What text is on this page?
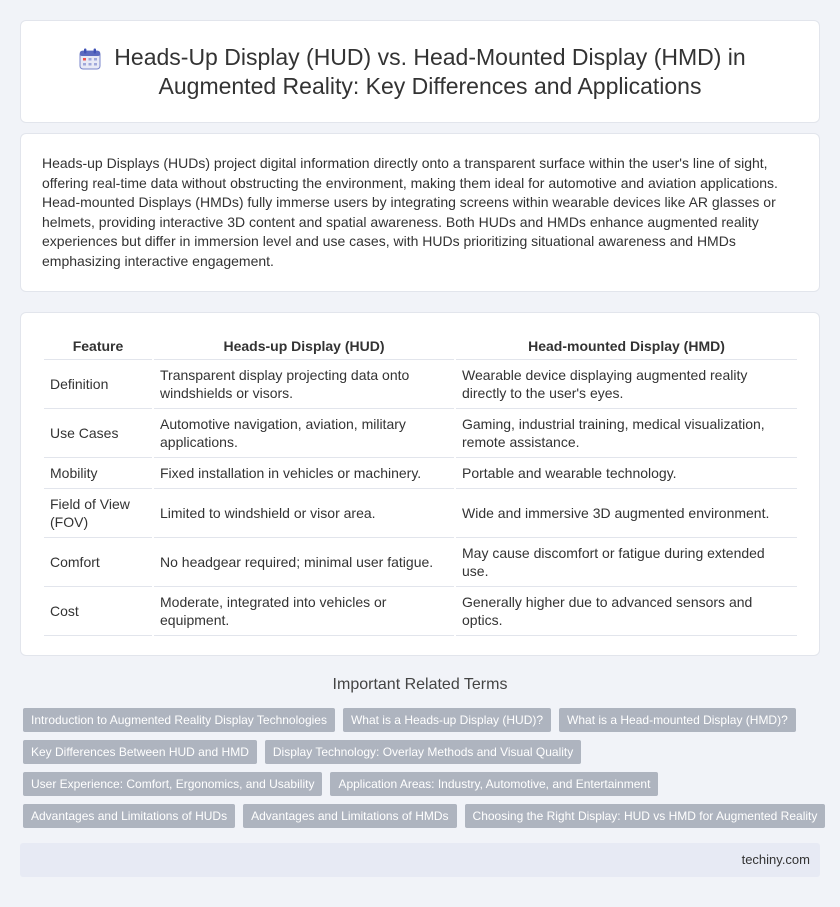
Heads-Up Display (HUD) vs. Head-Mounted Display (HMD) in Augmented Reality: Key Differences and Applications

Heads-up Displays (HUDs) project digital information directly onto a transparent surface within the user's line of sight, offering real-time data without obstructing the environment, making them ideal for automotive and aviation applications. Head-mounted Displays (HMDs) fully immerse users by integrating screens within wearable devices like AR glasses or helmets, providing interactive 3D content and spatial awareness. Both HUDs and HMDs enhance augmented reality experiences but differ in immersion level and use cases, with HUDs prioritizing situational awareness and HMDs emphasizing interactive engagement.

Feature	Heads-up Display (HUD)	Head-mounted Display (HMD)
Definition	Transparent display projecting data onto windshields or visors.	Wearable device displaying augmented reality directly to the user's eyes.
Use Cases	Automotive navigation, aviation, military applications.	Gaming, industrial training, medical visualization, remote assistance.
Mobility	Fixed installation in vehicles or machinery.	Portable and wearable technology.
Field of View (FOV)	Limited to windshield or visor area.	Wide and immersive 3D augmented environment.
Comfort	No headgear required; minimal user fatigue.	May cause discomfort or fatigue during extended use.
Cost	Moderate, integrated into vehicles or equipment.	Generally higher due to advanced sensors and optics.
Important Related Terms
Introduction to Augmented Reality Display Technologies	What is a Heads-up Display (HUD)?	What is a Head-mounted Display (HMD)?
Key Differences Between HUD and HMD	Display Technology: Overlay Methods and Visual Quality
User Experience: Comfort, Ergonomics, and Usability	Application Areas: Industry, Automotive, and Entertainment
Advantages and Limitations of HUDs	Advantages and Limitations of HMDs	Choosing the Right Display: HUD vs HMD for Augmented Reality
techiny.com
